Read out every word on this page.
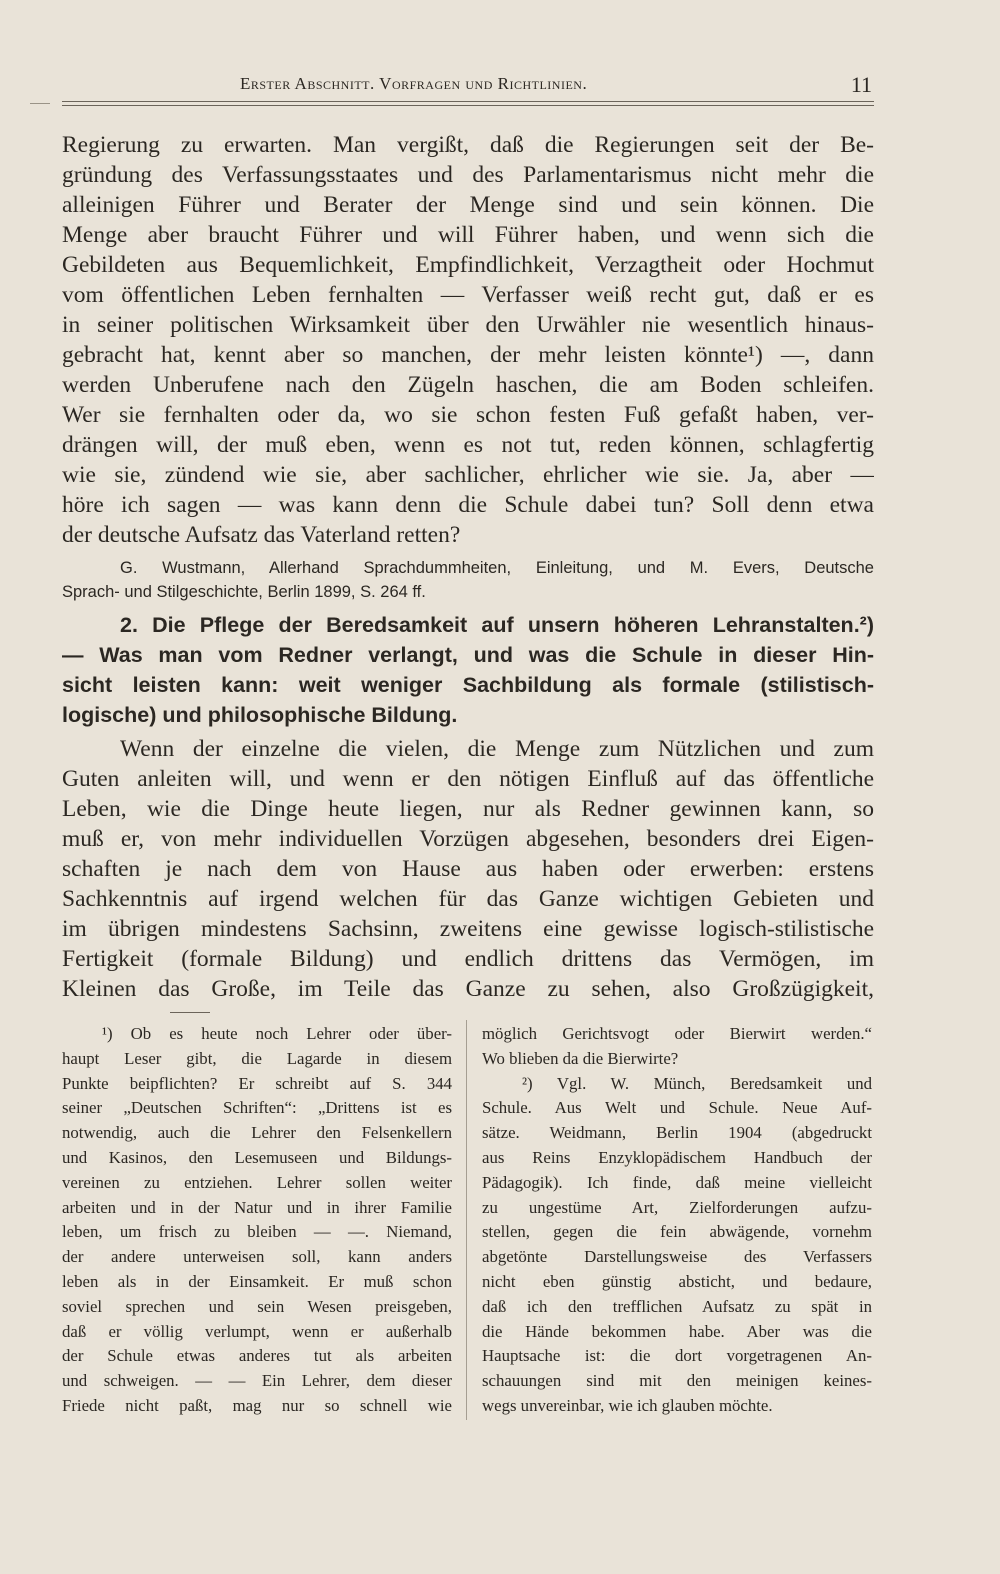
Erster Abschnitt. Vorfragen und Richtlinien.	11
Regierung zu erwarten. Man vergißt, daß die Regierungen seit der Be-
gründung des Verfassungsstaates und des Parlamentarismus nicht mehr die
alleinigen Führer und Berater der Menge sind und sein können. Die
Menge aber braucht Führer und will Führer haben, und wenn sich die
Gebildeten aus Bequemlichkeit, Empfindlichkeit, Verzagtheit oder Hochmut
vom öffentlichen Leben fernhalten — Verfasser weiß recht gut, daß er es
in seiner politischen Wirksamkeit über den Urwähler nie wesentlich hinaus-
gebracht hat, kennt aber so manchen, der mehr leisten könnte¹) —, dann
werden Unberufene nach den Zügeln haschen, die am Boden schleifen.
Wer sie fernhalten oder da, wo sie schon festen Fuß gefaßt haben, ver-
drängen will, der muß eben, wenn es not tut, reden können, schlagfertig
wie sie, zündend wie sie, aber sachlicher, ehrlicher wie sie. Ja, aber —
höre ich sagen — was kann denn die Schule dabei tun? Soll denn etwa
der deutsche Aufsatz das Vaterland retten?
G. Wustmann, Allerhand Sprachdummheiten, Einleitung, und M. Evers, Deutsche
Sprach- und Stilgeschichte, Berlin 1899, S. 264 ff.
2. Die Pflege der Beredsamkeit auf unsern höheren Lehranstalten.²)
— Was man vom Redner verlangt, und was die Schule in dieser Hin-
sicht leisten kann: weit weniger Sachbildung als formale (stilistisch-
logische) und philosophische Bildung.
Wenn der einzelne die vielen, die Menge zum Nützlichen und zum
Guten anleiten will, und wenn er den nötigen Einfluß auf das öffentliche
Leben, wie die Dinge heute liegen, nur als Redner gewinnen kann, so
muß er, von mehr individuellen Vorzügen abgesehen, besonders drei Eigen-
schaften je nach dem von Hause aus haben oder erwerben: erstens
Sachkenntnis auf irgend welchen für das Ganze wichtigen Gebieten und
im übrigen mindestens Sachsinn, zweitens eine gewisse logisch-stilistische
Fertigkeit (formale Bildung) und endlich drittens das Vermögen, im
Kleinen das Große, im Teile das Ganze zu sehen, also Großzügigkeit,
¹) Ob es heute noch Lehrer oder über-
haupt Leser gibt, die Lagarde in diesem
Punkte beipflichten? Er schreibt auf S. 344
seiner „Deutschen Schriften“: „Drittens ist es
notwendig, auch die Lehrer den Felsenkellern
und Kasinos, den Lesemuseen und Bildungs-
vereinen zu entziehen. Lehrer sollen weiter
arbeiten und in der Natur und in ihrer Familie
leben, um frisch zu bleiben — —. Niemand,
der andere unterweisen soll, kann anders
leben als in der Einsamkeit. Er muß schon
soviel sprechen und sein Wesen preisgeben,
daß er völlig verlumpt, wenn er außerhalb
der Schule etwas anderes tut als arbeiten
und schweigen. — — Ein Lehrer, dem dieser
Friede nicht paßt, mag nur so schnell wie
möglich Gerichtsvogt oder Bierwirt werden.“
Wo blieben da die Bierwirte?
²) Vgl. W. Münch, Beredsamkeit und
Schule. Aus Welt und Schule. Neue Auf-
sätze. Weidmann, Berlin 1904 (abgedruckt
aus Reins Enzyklopädischem Handbuch der
Pädagogik). Ich finde, daß meine vielleicht
zu ungestüme Art, Zielforderungen aufzu-
stellen, gegen die fein abwägende, vornehm
abgetönte Darstellungsweise des Verfassers
nicht eben günstig absticht, und bedaure,
daß ich den trefflichen Aufsatz zu spät in
die Hände bekommen habe. Aber was die
Hauptsache ist: die dort vorgetragenen An-
schauungen sind mit den meinigen keines-
wegs unvereinbar, wie ich glauben möchte.
